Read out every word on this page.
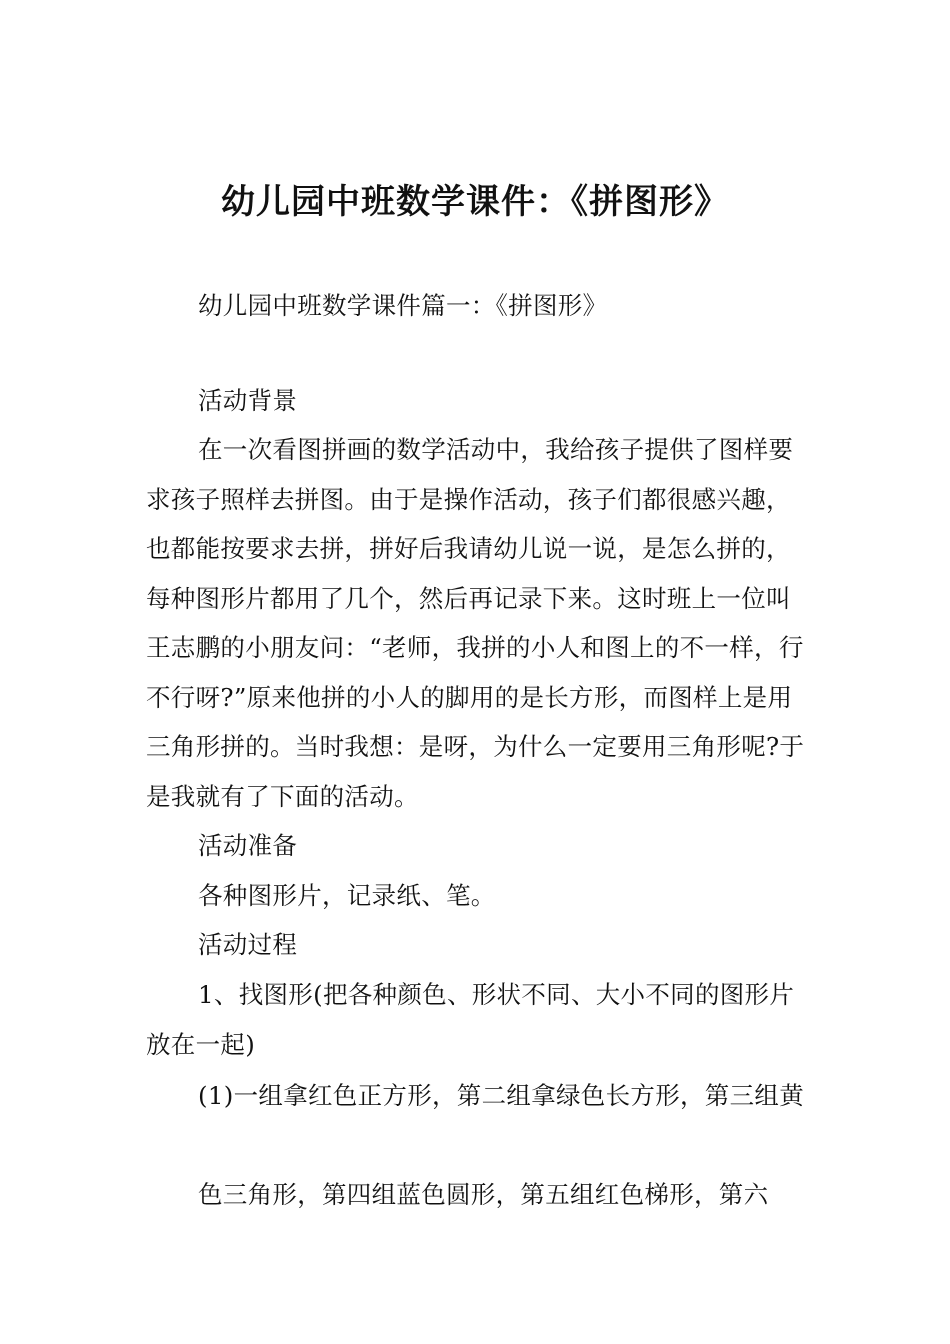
幼儿园中班数学课件：《拼图形》

幼儿园中班数学课件篇一：《拼图形》

活动背景

在一次看图拼画的数学活动中，我给孩子提供了图样要求孩子照样去拼图。由于是操作活动，孩子们都很感兴趣，也都能按要求去拼，拼好后我请幼儿说一说，是怎么拼的，每种图形片都用了几个，然后再记录下来。这时班上一位叫王志鹏的小朋友问：“老师，我拼的小人和图上的不一样，行不行呀?”原来他拼的小人的脚用的是长方形，而图样上是用三角形拼的。当时我想：是呀，为什么一定要用三角形呢?于是我就有了下面的活动。

活动准备

各种图形片，记录纸、笔。

活动过程

1、找图形(把各种颜色、形状不同、大小不同的图形片放在一起)

(1)一组拿红色正方形，第二组拿绿色长方形，第三组黄

色三角形，第四组蓝色圆形，第五组红色梯形，第六
